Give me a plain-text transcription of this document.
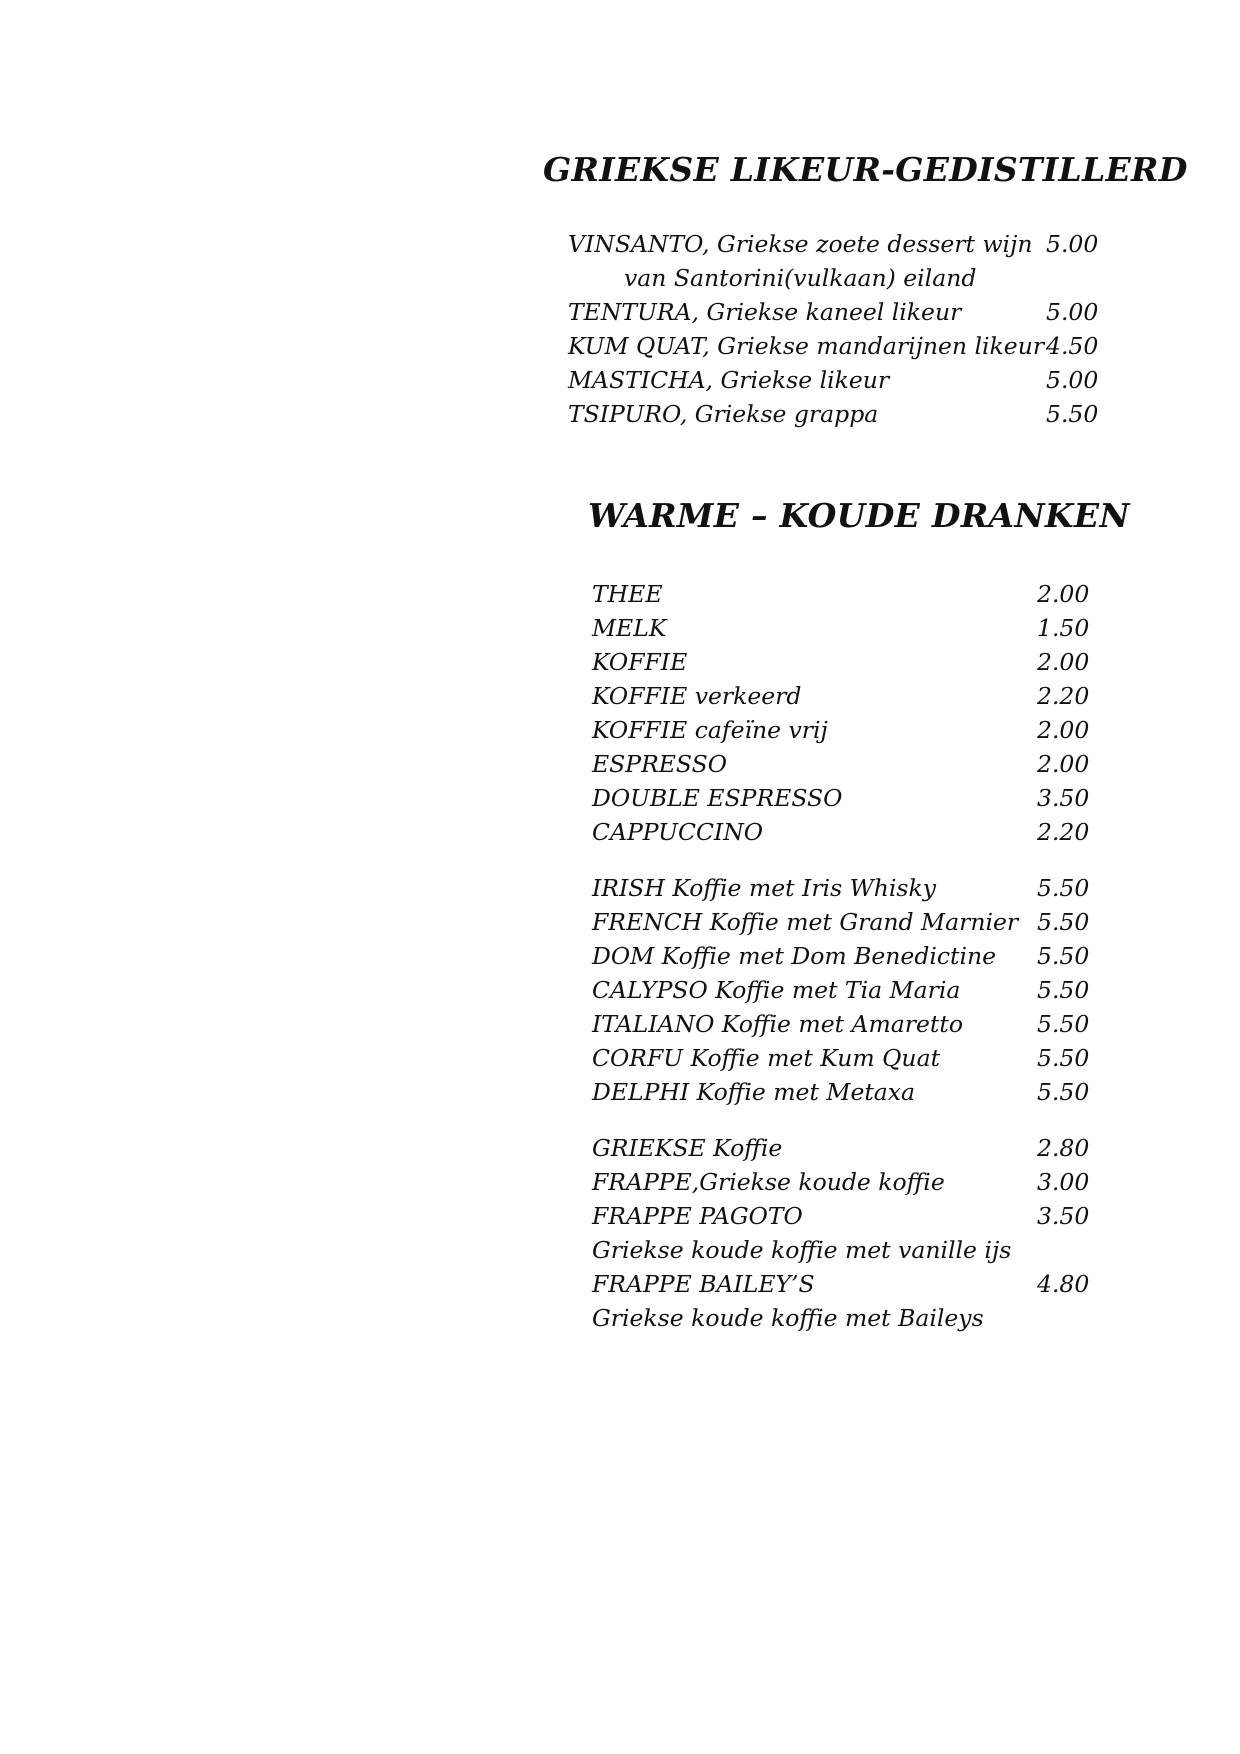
GRIEKSE LIKEUR-GEDISTILLERD
VINSANTO, Griekse zoete dessert wijn 5.00
van Santorini(vulkaan) eiland
TENTURA, Griekse kaneel likeur	5.00
KUM QUAT, Griekse mandarijnen likeur 4.50
MASTICHA, Griekse likeur	5.00
TSIPURO, Griekse grappa	5.50
WARME – KOUDE DRANKEN
THEE	2.00
MELK	1.50
KOFFIE	2.00
KOFFIE verkeerd	2.20
KOFFIE cafeïne vrij	2.00
ESPRESSO	2.00
DOUBLE ESPRESSO	3.50
CAPPUCCINO	2.20
IRISH Koffie met Iris Whisky	5.50
FRENCH Koffie met Grand Marnier 5.50
DOM Koffie met Dom Benedictine 5.50
CALYPSO Koffie met Tia Maria	5.50
ITALIANO Koffie met Amaretto	5.50
CORFU Koffie met Kum Quat	5.50
DELPHI Koffie met Metaxa	5.50
GRIEKSE Koffie	2.80
FRAPPE,Griekse koude koffie	3.00
FRAPPE PAGOTO	3.50
Griekse koude koffie met vanille ijs
FRAPPE BAILEY’S	4.80
Griekse koude koffie met Baileys
